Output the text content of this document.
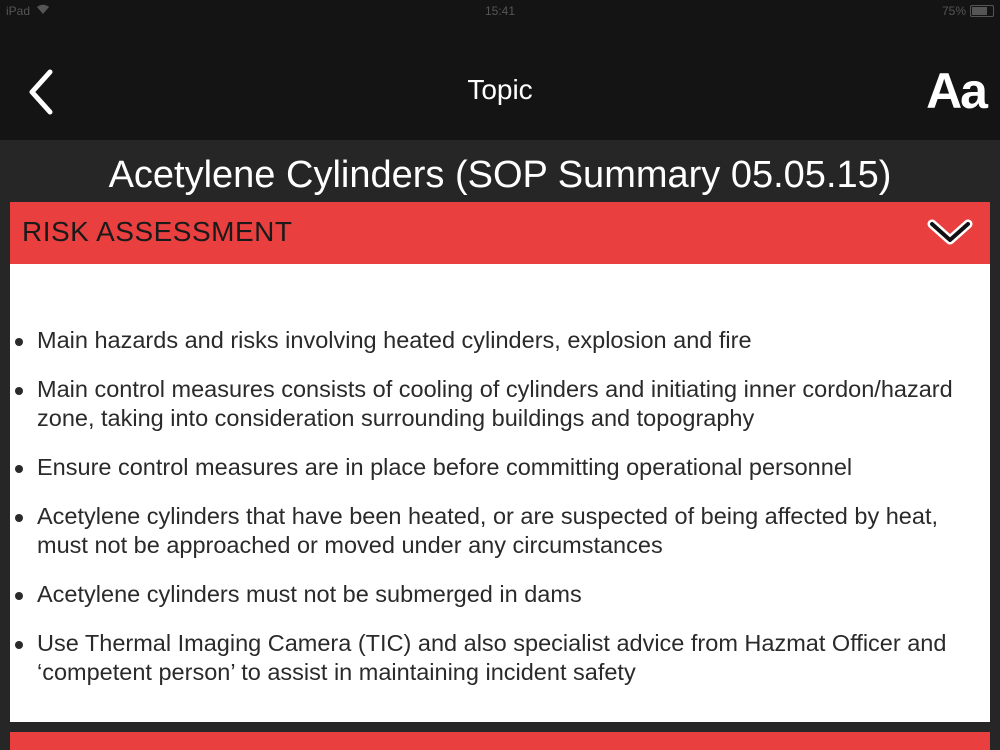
iPad	15:41	75%
Topic	Aa
Acetylene Cylinders (SOP Summary 05.05.15)
RISK ASSESSMENT
Main hazards and risks involving heated cylinders, explosion and fire
Main control measures consists of cooling of cylinders and initiating inner cordon/hazard zone, taking into consideration surrounding buildings and topography
Ensure control measures are in place before committing operational personnel
Acetylene cylinders that have been heated, or are suspected of being affected by heat, must not be approached or moved under any circumstances
Acetylene cylinders must not be submerged in dams
Use Thermal Imaging Camera (TIC) and also specialist advice from Hazmat Officer and ‘competent person’ to assist in maintaining incident safety
